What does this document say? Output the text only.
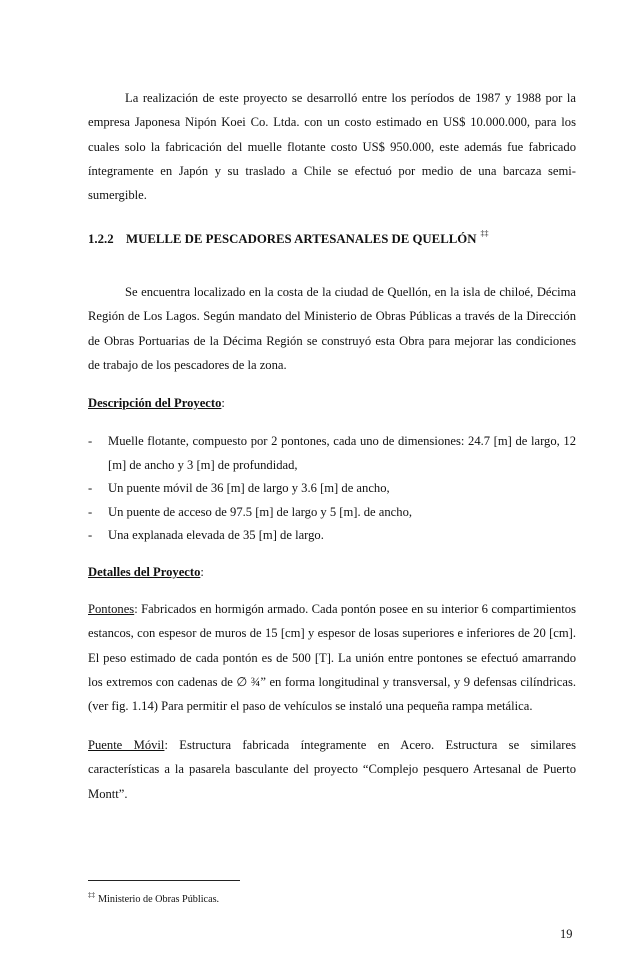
La realización de este proyecto se desarrolló entre los períodos de 1987 y 1988 por la empresa Japonesa Nipón Koei Co. Ltda. con un costo estimado en US$ 10.000.000, para los cuales solo la fabricación del muelle flotante costo US$ 950.000, este además fue fabricado íntegramente en Japón y su traslado a Chile se efectuó por medio de una barcaza semi-sumergible.

1.2.2 MUELLE DE PESCADORES ARTESANALES DE QUELLÓN ‡‡

Se encuentra localizado en la costa de la ciudad de Quellón, en la isla de chiloé, Décima Región de Los Lagos. Según mandato del Ministerio de Obras Públicas a través de la Dirección de Obras Portuarias de la Décima Región se construyó esta Obra para mejorar las condiciones de trabajo de los pescadores de la zona.

Descripción del Proyecto:
- Muelle flotante, compuesto por 2 pontones, cada uno de dimensiones: 24.7 [m] de largo, 12 [m] de ancho y 3 [m] de profundidad,
- Un puente móvil de 36 [m] de largo y 3.6 [m] de ancho,
- Un puente de acceso de 97.5 [m] de largo y 5 [m]. de ancho,
- Una explanada elevada de 35 [m] de largo.
Detalles del Proyecto:

Pontones: Fabricados en hormigón armado. Cada pontón posee en su interior 6 compartimientos estancos, con espesor de muros de 15 [cm] y espesor de losas superiores e inferiores de 20 [cm]. El peso estimado de cada pontón es de 500 [T]. La unión entre pontones se efectuó amarrando los extremos con cadenas de ∅ ¾” en forma longitudinal y transversal, y 9 defensas cilíndricas. (ver fig. 1.14) Para permitir el paso de vehículos se instaló una pequeña rampa metálica.

Puente Móvil: Estructura fabricada íntegramente en Acero. Estructura se similares características a la pasarela basculante del proyecto “Complejo pesquero Artesanal de Puerto Montt”.

‡‡ Ministerio de Obras Públicas.
19
